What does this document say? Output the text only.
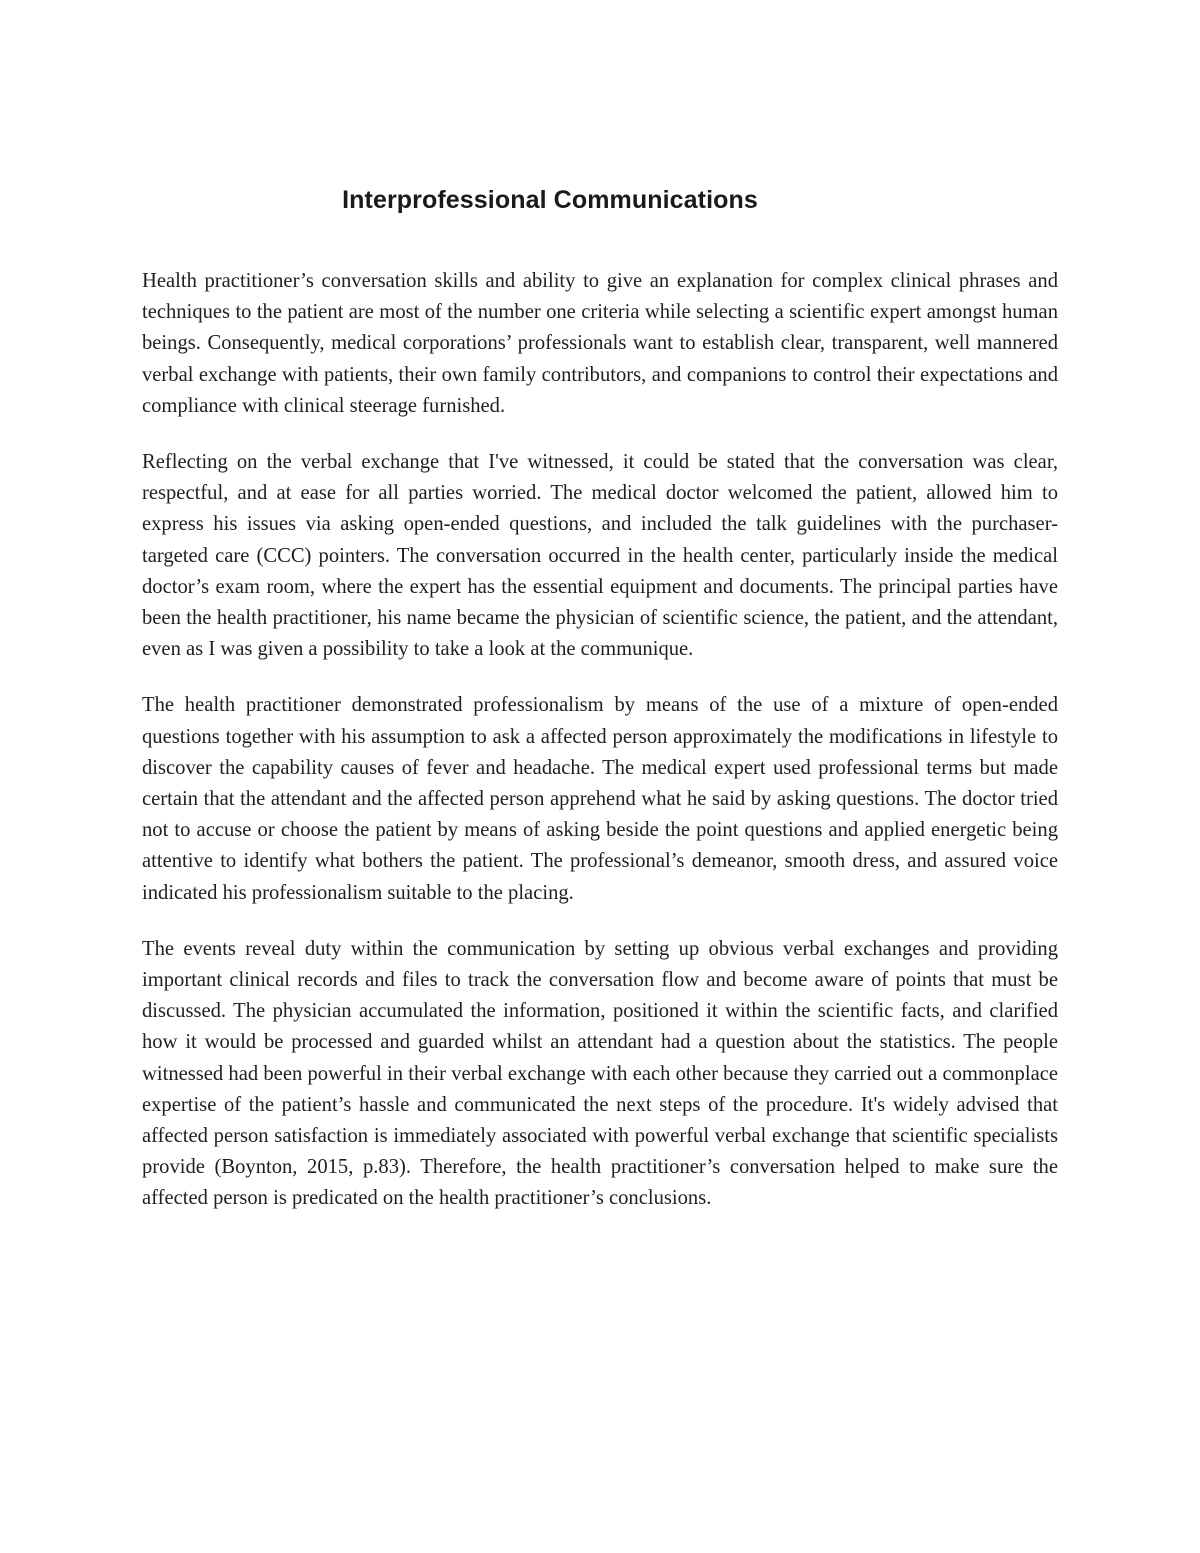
Interprofessional Communications

Health practitioner’s conversation skills and ability to give an explanation for complex clinical phrases and techniques to the patient are most of the number one criteria while selecting a scientific expert amongst human beings. Consequently, medical corporations’ professionals want to establish clear, transparent, well mannered verbal exchange with patients, their own family contributors, and companions to control their expectations and compliance with clinical steerage furnished.

Reflecting on the verbal exchange that I've witnessed, it could be stated that the conversation was clear, respectful, and at ease for all parties worried. The medical doctor welcomed the patient, allowed him to express his issues via asking open-ended questions, and included the talk guidelines with the purchaser-targeted care (CCC) pointers. The conversation occurred in the health center, particularly inside the medical doctor’s exam room, where the expert has the essential equipment and documents. The principal parties have been the health practitioner, his name became the physician of scientific science, the patient, and the attendant, even as I was given a possibility to take a look at the communique.

The health practitioner demonstrated professionalism by means of the use of a mixture of open-ended questions together with his assumption to ask a affected person approximately the modifications in lifestyle to discover the capability causes of fever and headache. The medical expert used professional terms but made certain that the attendant and the affected person apprehend what he said by asking questions. The doctor tried not to accuse or choose the patient by means of asking beside the point questions and applied energetic being attentive to identify what bothers the patient. The professional’s demeanor, smooth dress, and assured voice indicated his professionalism suitable to the placing.

The events reveal duty within the communication by setting up obvious verbal exchanges and providing important clinical records and files to track the conversation flow and become aware of points that must be discussed. The physician accumulated the information, positioned it within the scientific facts, and clarified how it would be processed and guarded whilst an attendant had a question about the statistics. The people witnessed had been powerful in their verbal exchange with each other because they carried out a commonplace expertise of the patient’s hassle and communicated the next steps of the procedure. It's widely advised that affected person satisfaction is immediately associated with powerful verbal exchange that scientific specialists provide (Boynton, 2015, p.83). Therefore, the health practitioner’s conversation helped to make sure the affected person is predicated on the health practitioner’s conclusions.
